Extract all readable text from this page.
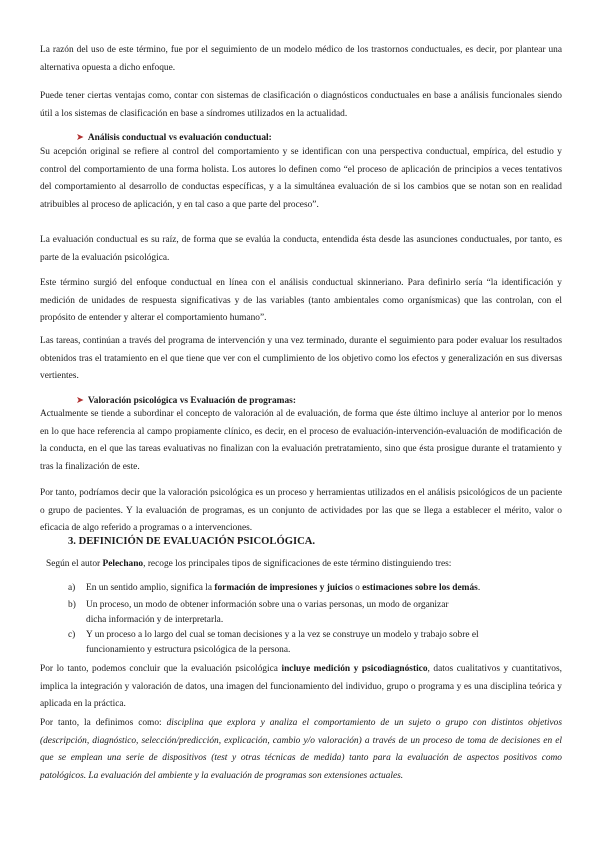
La razón del uso de este término, fue por el seguimiento de un modelo médico de los trastornos conductuales, es decir, por plantear una alternativa opuesta a dicho enfoque.

Puede tener ciertas ventajas como, contar con sistemas de clasificación o diagnósticos conductuales en base a análisis funcionales siendo útil a los sistemas de clasificación en base a síndromes utilizados en la actualidad.

➤ Análisis conductual vs evaluación conductual:

Su acepción original se refiere al control del comportamiento y se identifican con una perspectiva conductual, empírica, del estudio y control del comportamiento de una forma holista. Los autores lo definen como “el proceso de aplicación de principios a veces tentativos del comportamiento al desarrollo de conductas específicas, y a la simultánea evaluación de si los cambios que se notan son en realidad atribuibles al proceso de aplicación, y en tal caso a que parte del proceso”.

La evaluación conductual es su raíz, de forma que se evalúa la conducta, entendida ésta desde las asunciones conductuales, por tanto, es parte de la evaluación psicológica.

Este término surgió del enfoque conductual en línea con el análisis conductual skinneriano. Para definirlo sería “la identificación y medición de unidades de respuesta significativas y de las variables (tanto ambientales como organísmicas) que las controlan, con el propósito de entender y alterar el comportamiento humano”.

Las tareas, continúan a través del programa de intervención y una vez terminado, durante el seguimiento para poder evaluar los resultados obtenidos tras el tratamiento en el que tiene que ver con el cumplimiento de los objetivo como los efectos y generalización en sus diversas vertientes.

➤ Valoración psicológica vs Evaluación de programas:

Actualmente se tiende a subordinar el concepto de valoración al de evaluación, de forma que éste último incluye al anterior por lo menos en lo que hace referencia al campo propiamente clínico, es decir, en el proceso de evaluación-intervención-evaluación de modificación de la conducta, en el que las tareas evaluativas no finalizan con la evaluación pretratamiento, sino que ésta prosigue durante el tratamiento y tras la finalización de este.

Por tanto, podríamos decir que la valoración psicológica es un proceso y herramientas utilizados en el análisis psicológicos de un paciente o grupo de pacientes. Y la evaluación de programas, es un conjunto de actividades por las que se llega a establecer el mérito, valor o eficacia de algo referido a programas o a intervenciones.

3. DEFINICIÓN DE EVALUACIÓN PSICOLÓGICA.

Según el autor Pelechano, recoge los principales tipos de significaciones de este término distinguiendo tres:

a) En un sentido amplio, significa la formación de impresiones y juicios o estimaciones sobre los demás.

b) Un proceso, un modo de obtener información sobre una o varias personas, un modo de organizar dicha información y de interpretarla.

c) Y un proceso a lo largo del cual se toman decisiones y a la vez se construye un modelo y trabajo sobre el funcionamiento y estructura psicológica de la persona.

Por lo tanto, podemos concluir que la evaluación psicológica incluye medición y psicodiagnóstico, datos cualitativos y cuantitativos, implica la integración y valoración de datos, una imagen del funcionamiento del individuo, grupo o programa y es una disciplina teórica y aplicada en la práctica.

Por tanto, la definimos como: disciplina que explora y analiza el comportamiento de un sujeto o grupo con distintos objetivos (descripción, diagnóstico, selección/predicción, explicación, cambio y/o valoración) a través de un proceso de toma de decisiones en el que se emplean una serie de dispositivos (test y otras técnicas de medida) tanto para la evaluación de aspectos positivos como patológicos. La evaluación del ambiente y la evaluación de programas son extensiones actuales.
